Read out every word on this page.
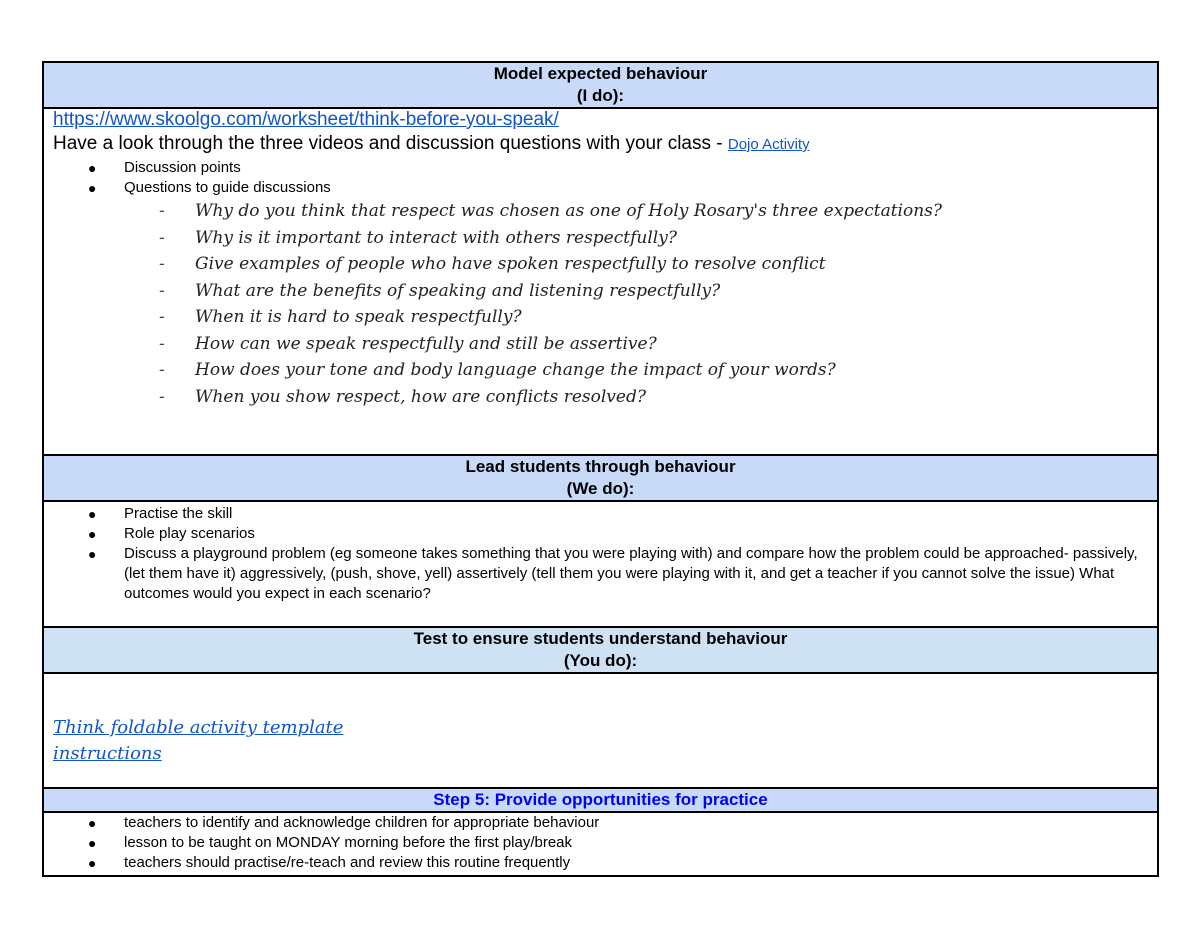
Model expected behaviour
(I do):
https://www.skoolgo.com/worksheet/think-before-you-speak/
Have a look through the three videos and discussion questions with your class - Dojo Activity
● Discussion points
● Questions to guide discussions
- Why do you think that respect was chosen as one of Holy Rosary's three expectations?
- Why is it important to interact with others respectfully?
- Give examples of people who have spoken respectfully to resolve conflict
- What are the benefits of speaking and listening respectfully?
- When it is hard to speak respectfully?
- How can we speak respectfully and still be assertive?
- How does your tone and body language change the impact of your words?
- When you show respect, how are conflicts resolved?
Lead students through behaviour
(We do):
● Practise the skill
● Role play scenarios
● Discuss a playground problem (eg someone takes something that you were playing with) and compare how the problem could be approached- passively, (let them have it) aggressively, (push, shove, yell) assertively (tell them you were playing with it, and get a teacher if you cannot solve the issue) What outcomes would you expect in each scenario?
Test to ensure students understand behaviour
(You do):
Think foldable activity template
instructions
Step 5: Provide opportunities for practice
● teachers to identify and acknowledge children for appropriate behaviour
● lesson to be taught on MONDAY morning before the first play/break
● teachers should practise/re-teach and review this routine frequently
